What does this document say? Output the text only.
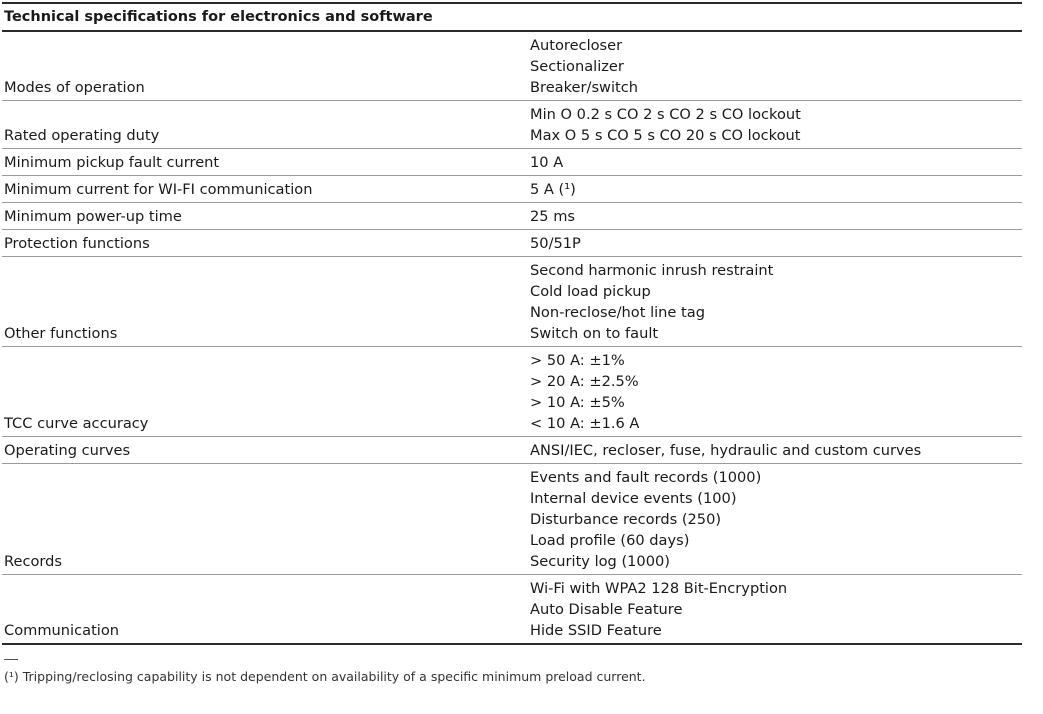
Technical specifications for electronics and software
Modes of operation	Autorecloser
Sectionalizer
Breaker/switch

Rated operating duty	Min O 0.2 s CO 2 s CO 2 s CO lockout
Max O 5 s CO 5 s CO 20 s CO lockout

Minimum pickup fault current	10 A

Minimum current for WI-FI communication	5 A (¹)

Minimum power-up time	25 ms

Protection functions	50/51P

Other functions	Second harmonic inrush restraint
Cold load pickup
Non-reclose/hot line tag
Switch on to fault

TCC curve accuracy	> 50 A: ±1%
> 20 A: ±2.5%
> 10 A: ±5%
< 10 A: ±1.6 A

Operating curves	ANSI/IEC, recloser, fuse, hydraulic and custom curves

Records	Events and fault records (1000)
Internal device events (100)
Disturbance records (250)
Load profile (60 days)
Security log (1000)

Communication	Wi-Fi with WPA2 128 Bit-Encryption
Auto Disable Feature
Hide SSID Feature
(¹) Tripping/reclosing capability is not dependent on availability of a specific minimum preload current.
